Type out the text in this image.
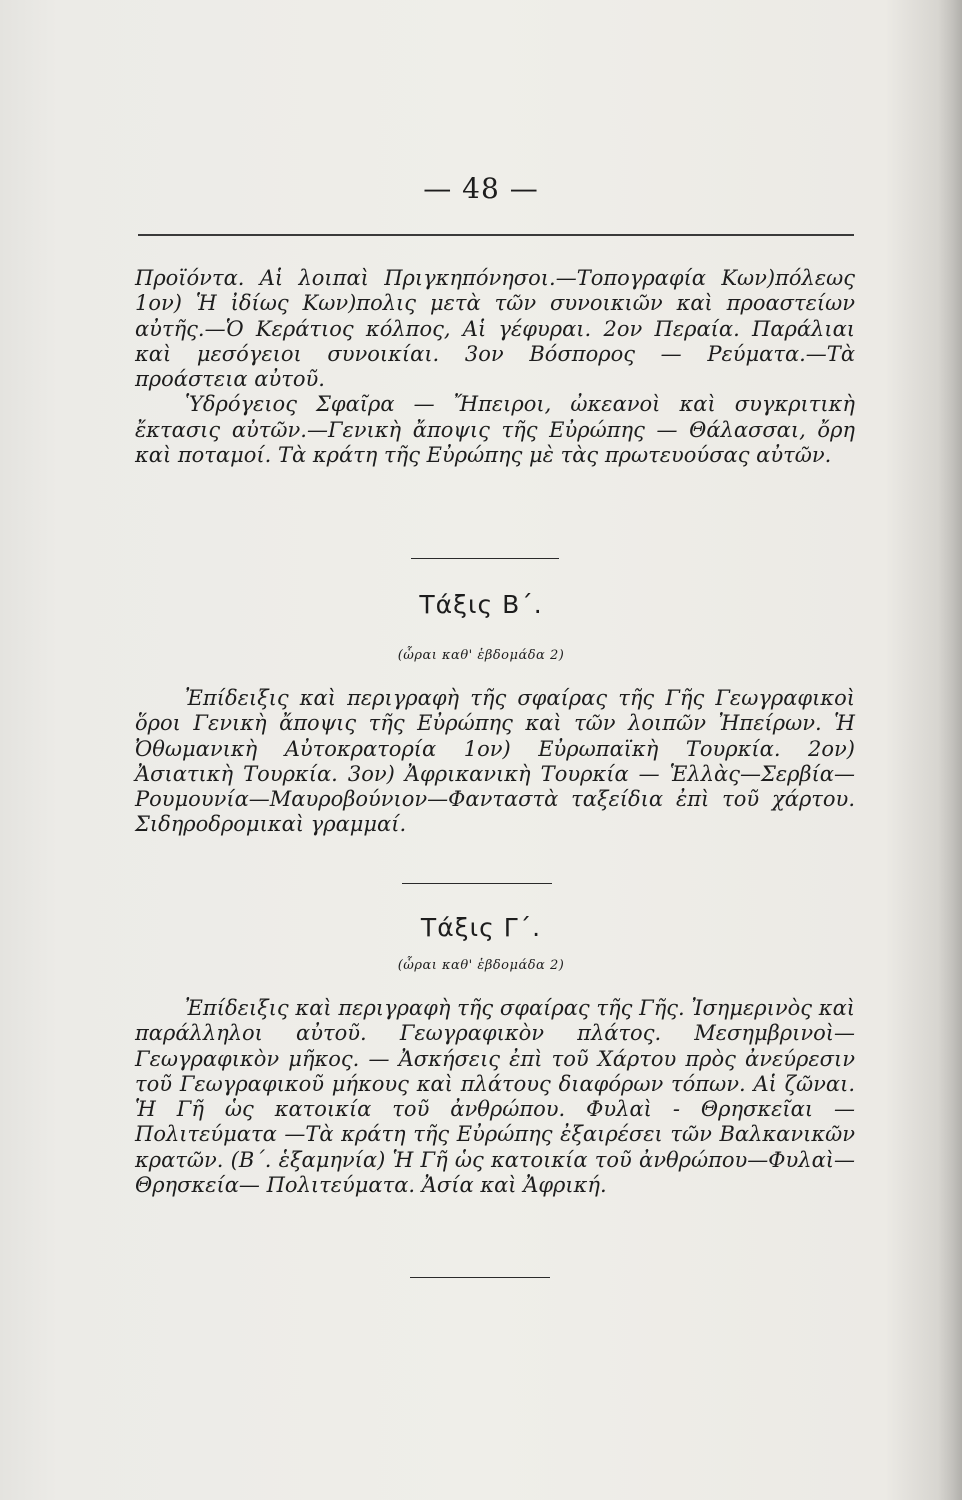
— 48 —

Προϊόντα. Αἱ λοιπαὶ Πριγκηπόνησοι.—Τοπογραφία Κων)πόλεως 1ον) Ἡ ἰδίως Κων)πολις μετὰ τῶν συνοικιῶν καὶ προαστείων αὐτῆς.—Ὁ Κεράτιος κόλπος, Αἱ γέφυραι. 2ον Περαία. Παράλιαι καὶ μεσόγειοι συνοικίαι. 3ον Βόσπορος — Ρεύματα.—Τὰ προάστεια αὐτοῦ.

Ὑδρόγειος Σφαῖρα — Ἤπειροι, ὠκεανοὶ καὶ συγκριτικὴ ἔκτασις αὐτῶν.—Γενικὴ ἄποψις τῆς Εὐρώπης — Θάλασσαι, ὄρη καὶ ποταμοί. Τὰ κράτη τῆς Εὐρώπης μὲ τὰς πρωτευούσας αὐτῶν.

Τάξις Β΄.
(ὧραι καθ' ἑβδομάδα 2)

Ἐπίδειξις καὶ περιγραφὴ τῆς σφαίρας τῆς Γῆς Γεωγραφικοὶ ὅροι Γενικὴ ἄποψις τῆς Εὐρώπης καὶ τῶν λοιπῶν Ἠπείρων. Ἡ Ὀθωμανικὴ Αὐτοκρατορία 1ον) Εὐρωπαϊκὴ Τουρκία. 2ον) Ἀσιατικὴ Τουρκία. 3ον) Ἀφρικανικὴ Τουρκία — Ἑλλὰς—Σερβία—Ρουμουνία—Μαυροβούνιον—Φανταστὰ ταξείδια ἐπὶ τοῦ χάρτου. Σιδηροδρομικαὶ γραμμαί.

Τάξις Γ΄.
(ὧραι καθ' ἑβδομάδα 2)

Ἐπίδειξις καὶ περιγραφὴ τῆς σφαίρας τῆς Γῆς. Ἰσημερινὸς καὶ παράλληλοι αὐτοῦ. Γεωγραφικὸν πλάτος. Μεσημβρινοὶ—Γεωγραφικὸν μῆκος. — Ἀσκήσεις ἐπὶ τοῦ Χάρτου πρὸς ἀνεύρεσιν τοῦ Γεωγραφικοῦ μήκους καὶ πλάτους διαφόρων τόπων. Αἱ ζῶναι. Ἡ Γῆ ὡς κατοικία τοῦ ἀνθρώπου. Φυλαὶ - Θρησκεῖαι —Πολιτεύματα —Τὰ κράτη τῆς Εὐρώπης ἐξαιρέσει τῶν Βαλκανικῶν κρατῶν. (Β΄. ἑξαμηνία) Ἡ Γῆ ὡς κατοικία τοῦ ἀνθρώπου—Φυλαὶ—Θρησκεία— Πολιτεύματα. Ἀσία καὶ Ἀφρική.
